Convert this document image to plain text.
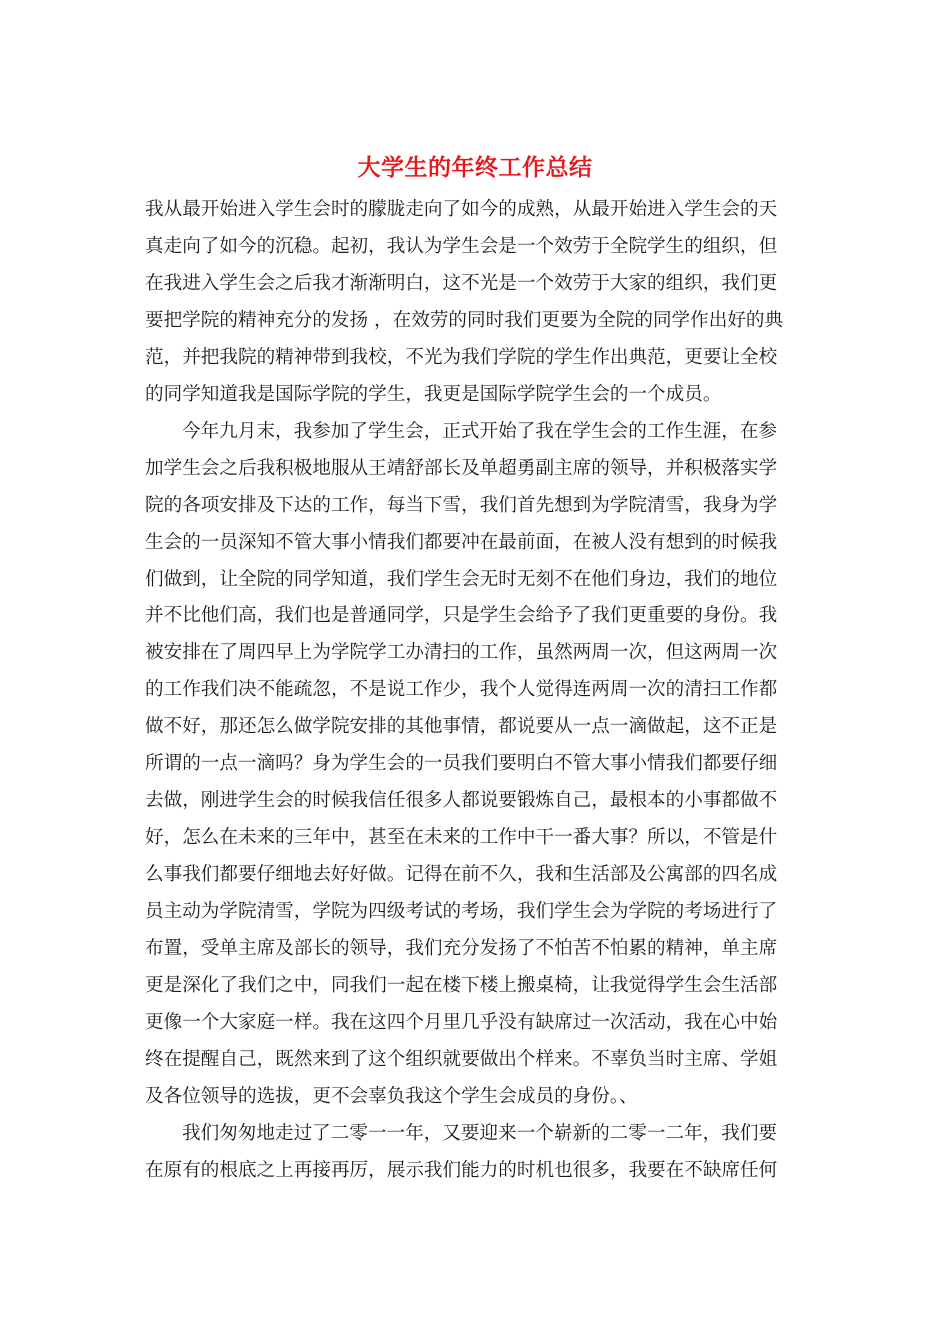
大学生的年终工作总结
我从最开始进入学生会时的朦胧走向了如今的成熟，从最开始进入学生会的天
真走向了如今的沉稳。起初，我认为学生会是一个效劳于全院学生的组织，但
在我进入学生会之后我才渐渐明白，这不光是一个效劳于大家的组织，我们更
要把学院的精神充分的发扬 ，在效劳的同时我们更要为全院的同学作出好的典
范，并把我院的精神带到我校，不光为我们学院的学生作出典范，更要让全校
的同学知道我是国际学院的学生，我更是国际学院学生会的一个成员。
今年九月末，我参加了学生会，正式开始了我在学生会的工作生涯，在参
加学生会之后我积极地服从王靖舒部长及单超勇副主席的领导，并积极落实学
院的各项安排及下达的工作，每当下雪，我们首先想到为学院清雪，我身为学
生会的一员深知不管大事小情我们都要冲在最前面，在被人没有想到的时候我
们做到，让全院的同学知道，我们学生会无时无刻不在他们身边，我们的地位
并不比他们高，我们也是普通同学，只是学生会给予了我们更重要的身份。我
被安排在了周四早上为学院学工办清扫的工作，虽然两周一次，但这两周一次
的工作我们决不能疏忽，不是说工作少，我个人觉得连两周一次的清扫工作都
做不好，那还怎么做学院安排的其他事情，都说要从一点一滴做起，这不正是
所谓的一点一滴吗？身为学生会的一员我们要明白不管大事小情我们都要仔细
去做，刚进学生会的时候我信任很多人都说要锻炼自己，最根本的小事都做不
好，怎么在未来的三年中，甚至在未来的工作中干一番大事？所以，不管是什
么事我们都要仔细地去好好做。记得在前不久，我和生活部及公寓部的四名成
员主动为学院清雪，学院为四级考试的考场，我们学生会为学院的考场进行了
布置，受单主席及部长的领导，我们充分发扬了不怕苦不怕累的精神，单主席
更是深化了我们之中，同我们一起在楼下楼上搬桌椅，让我觉得学生会生活部
更像一个大家庭一样。我在这四个月里几乎没有缺席过一次活动，我在心中始
终在提醒自己，既然来到了这个组织就要做出个样来。不辜负当时主席、学姐
及各位领导的选拔，更不会辜负我这个学生会成员的身份。、
我们匆匆地走过了二零一一年，又要迎来一个崭新的二零一二年，我们要
在原有的根底之上再接再厉，展示我们能力的时机也很多，我要在不缺席任何
